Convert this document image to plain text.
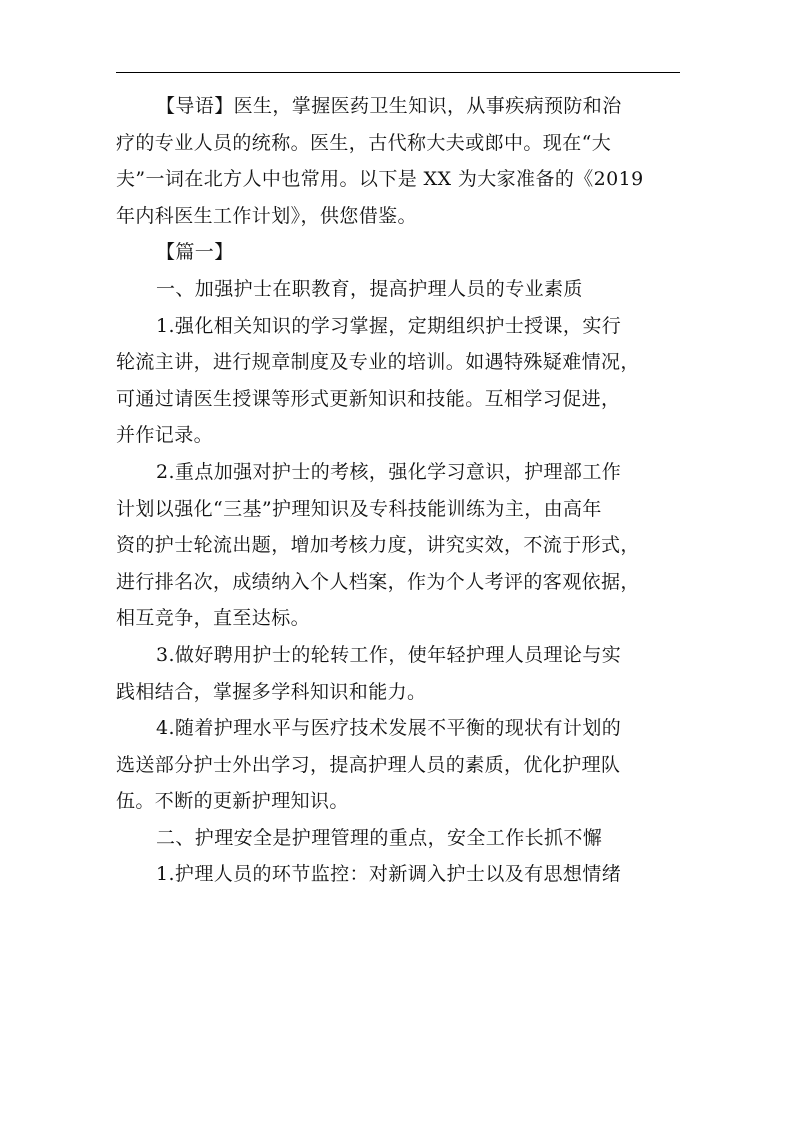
【导语】医生，掌握医药卫生知识，从事疾病预防和治

疗的专业人员的统称。医生，古代称大夫或郎中。现在“大

夫”一词在北方人中也常用。以下是 XX 为大家准备的《2019

年内科医生工作计划》，供您借鉴。

【篇一】

一、加强护士在职教育，提高护理人员的专业素质

1.强化相关知识的学习掌握，定期组织护士授课，实行

轮流主讲，进行规章制度及专业的培训。如遇特殊疑难情况，

可通过请医生授课等形式更新知识和技能。互相学习促进，

并作记录。

2.重点加强对护士的考核，强化学习意识，护理部工作

计划以强化“三基”护理知识及专科技能训练为主，由高年

资的护士轮流出题，增加考核力度，讲究实效，不流于形式，

进行排名次，成绩纳入个人档案，作为个人考评的客观依据，

相互竞争，直至达标。

3.做好聘用护士的轮转工作，使年轻护理人员理论与实

践相结合，掌握多学科知识和能力。

4.随着护理水平与医疗技术发展不平衡的现状有计划的

选送部分护士外出学习，提高护理人员的素质，优化护理队

伍。不断的更新护理知识。

二、护理安全是护理管理的重点，安全工作长抓不懈

1.护理人员的环节监控：对新调入护士以及有思想情绪
